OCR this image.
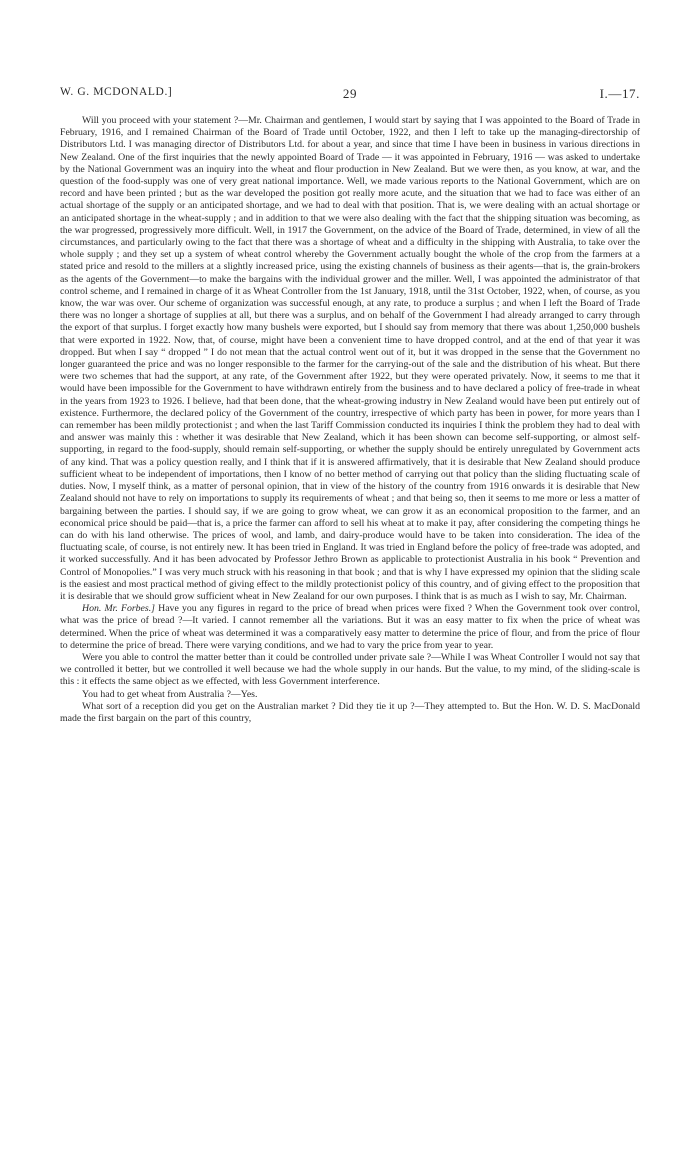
W. G. MCDONALD.]	29	I.—17.

Will you proceed with your statement ?—Mr. Chairman and gentlemen, I would start by saying that I was appointed to the Board of Trade in February, 1916, and I remained Chairman of the Board of Trade until October, 1922, and then I left to take up the managing-directorship of Distributors Ltd. I was managing director of Distributors Ltd. for about a year, and since that time I have been in business in various directions in New Zealand. One of the first inquiries that the newly appointed Board of Trade — it was appointed in February, 1916 — was asked to undertake by the National Government was an inquiry into the wheat and flour production in New Zealand. But we were then, as you know, at war, and the question of the food-supply was one of very great national importance. Well, we made various reports to the National Government, which are on record and have been printed ; but as the war developed the position got really more acute, and the situation that we had to face was either of an actual shortage of the supply or an anticipated shortage, and we had to deal with that position. That is, we were dealing with an actual shortage or an anticipated shortage in the wheat-supply ; and in addition to that we were also dealing with the fact that the shipping situation was becoming, as the war progressed, progressively more difficult. Well, in 1917 the Government, on the advice of the Board of Trade, determined, in view of all the circumstances, and particularly owing to the fact that there was a shortage of wheat and a difficulty in the shipping with Australia, to take over the whole supply ; and they set up a system of wheat control whereby the Government actually bought the whole of the crop from the farmers at a stated price and resold to the millers at a slightly increased price, using the existing channels of business as their agents—that is, the grain-brokers as the agents of the Government—to make the bargains with the individual grower and the miller. Well, I was appointed the administrator of that control scheme, and I remained in charge of it as Wheat Controller from the 1st January, 1918, until the 31st October, 1922, when, of course, as you know, the war was over. Our scheme of organization was successful enough, at any rate, to produce a surplus ; and when I left the Board of Trade there was no longer a shortage of supplies at all, but there was a surplus, and on behalf of the Government I had already arranged to carry through the export of that surplus. I forget exactly how many bushels were exported, but I should say from memory that there was about 1,250,000 bushels that were exported in 1922. Now, that, of course, might have been a convenient time to have dropped control, and at the end of that year it was dropped. But when I say “ dropped ” I do not mean that the actual control went out of it, but it was dropped in the sense that the Government no longer guaranteed the price and was no longer responsible to the farmer for the carrying-out of the sale and the distribution of his wheat. But there were two schemes that had the support, at any rate, of the Government after 1922, but they were operated privately. Now, it seems to me that it would have been impossible for the Government to have withdrawn entirely from the business and to have declared a policy of free-trade in wheat in the years from 1923 to 1926. I believe, had that been done, that the wheat-growing industry in New Zealand would have been put entirely out of existence. Furthermore, the declared policy of the Government of the country, irrespective of which party has been in power, for more years than I can remember has been mildly protectionist ; and when the last Tariff Commission conducted its inquiries I think the problem they had to deal with and answer was mainly this : whether it was desirable that New Zealand, which it has been shown can become self-supporting, or almost self-supporting, in regard to the food-supply, should remain self-supporting, or whether the supply should be entirely unregulated by Government acts of any kind. That was a policy question really, and I think that if it is answered affirmatively, that it is desirable that New Zealand should produce sufficient wheat to be independent of importations, then I know of no better method of carrying out that policy than the sliding fluctuating scale of duties. Now, I myself think, as a matter of personal opinion, that in view of the history of the country from 1916 onwards it is desirable that New Zealand should not have to rely on importations to supply its requirements of wheat ; and that being so, then it seems to me more or less a matter of bargaining between the parties. I should say, if we are going to grow wheat, we can grow it as an economical proposition to the farmer, and an economical price should be paid—that is, a price the farmer can afford to sell his wheat at to make it pay, after considering the competing things he can do with his land otherwise. The prices of wool, and lamb, and dairy-produce would have to be taken into consideration. The idea of the fluctuating scale, of course, is not entirely new. It has been tried in England. It was tried in England before the policy of free-trade was adopted, and it worked successfully. And it has been advocated by Professor Jethro Brown as applicable to protectionist Australia in his book “ Prevention and Control of Monopolies.” I was very much struck with his reasoning in that book ; and that is why I have expressed my opinion that the sliding scale is the easiest and most practical method of giving effect to the mildly protectionist policy of this country, and of giving effect to the proposition that it is desirable that we should grow sufficient wheat in New Zealand for our own purposes. I think that is as much as I wish to say, Mr. Chairman.

Hon. Mr. Forbes.] Have you any figures in regard to the price of bread when prices were fixed ? When the Government took over control, what was the price of bread ?—It varied. I cannot remember all the variations. But it was an easy matter to fix when the price of wheat was determined. When the price of wheat was determined it was a comparatively easy matter to determine the price of flour, and from the price of flour to determine the price of bread. There were varying conditions, and we had to vary the price from year to year.

Were you able to control the matter better than it could be controlled under private sale ?—While I was Wheat Controller I would not say that we controlled it better, but we controlled it well because we had the whole supply in our hands. But the value, to my mind, of the sliding-scale is this : it effects the same object as we effected, with less Government interference.

You had to get wheat from Australia ?—Yes.

What sort of a reception did you get on the Australian market ? Did they tie it up ?—They attempted to. But the Hon. W. D. S. MacDonald made the first bargain on the part of this country,
